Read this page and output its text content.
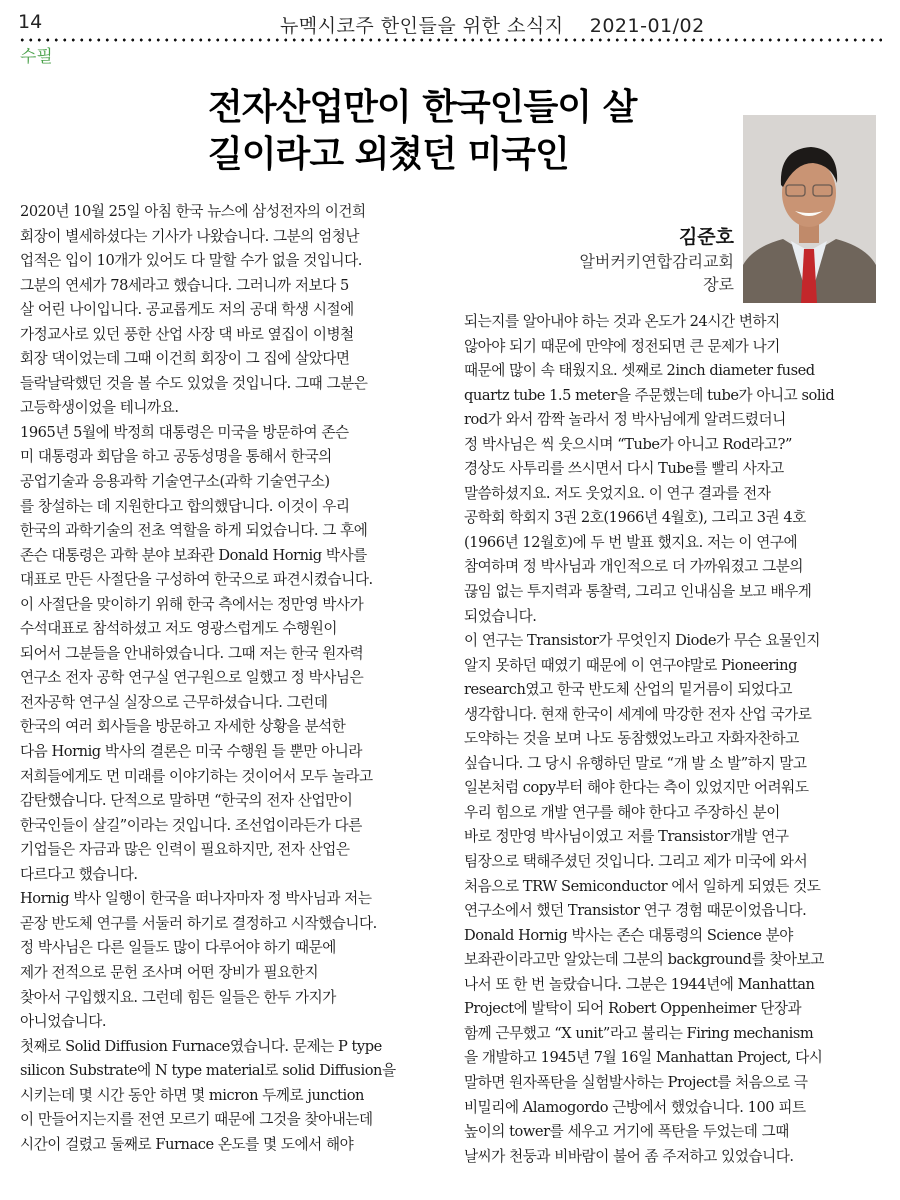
14	뉴멕시코주 한인들을 위한 소식지 2021-01/02
수필
전자산업만이 한국인들이 살
길이라고 외쳤던 미국인
김준호
알버커키연합감리교회
장로
2020년 10월 25일 아침 한국 뉴스에 삼성전자의 이건희
회장이 별세하셨다는 기사가 나왔습니다. 그분의 엄청난
업적은 입이 10개가 있어도 다 말할 수가 없을 것입니다.
그분의 연세가 78세라고 했습니다. 그러니까 저보다 5
살 어린 나이입니다. 공교롭게도 저의 공대 학생 시절에
가정교사로 있던 풍한 산업 사장 댁 바로 옆집이 이병철
회장 댁이었는데 그때 이건희 회장이 그 집에 살았다면
들락날락했던 것을 볼 수도 있었을 것입니다. 그때 그분은
고등학생이었을 테니까요.
1965년 5월에 박정희 대통령은 미국을 방문하여 존슨
미 대통령과 회담을 하고 공동성명을 통해서 한국의
공업기술과 응용과학 기술연구소(과학 기술연구소)
를 창설하는 데 지원한다고 합의했답니다. 이것이 우리
한국의 과학기술의 전초 역할을 하게 되었습니다. 그 후에
존슨 대통령은 과학 분야 보좌관 Donald Hornig 박사를
대표로 만든 사절단을 구성하여 한국으로 파견시켰습니다.
이 사절단을 맞이하기 위해 한국 측에서는 정만영 박사가
수석대표로 참석하셨고 저도 영광스럽게도 수행원이
되어서 그분들을 안내하였습니다. 그때 저는 한국 원자력
연구소 전자 공학 연구실 연구원으로 일했고 정 박사님은
전자공학 연구실 실장으로 근무하셨습니다. 그런데
한국의 여러 회사들을 방문하고 자세한 상황을 분석한
다음 Hornig 박사의 결론은 미국 수행원 들 뿐만 아니라
저희들에게도 먼 미래를 이야기하는 것이어서 모두 놀라고
감탄했습니다. 단적으로 말하면 “한국의 전자 산업만이
한국인들이 살길”이라는 것입니다. 조선업이라든가 다른
기업들은 자금과 많은 인력이 필요하지만, 전자 산업은
다르다고 했습니다.
Hornig 박사 일행이 한국을 떠나자마자 정 박사님과 저는
곧장 반도체 연구를 서둘러 하기로 결정하고 시작했습니다.
정 박사님은 다른 일들도 많이 다루어야 하기 때문에
제가 전적으로 문헌 조사며 어떤 장비가 필요한지
찾아서 구입했지요. 그런데 힘든 일들은 한두 가지가
아니었습니다.
첫째로 Solid Diffusion Furnace였습니다. 문제는 P type
silicon Substrate에 N type material로 solid Diffusion을
시키는데 몇 시간 동안 하면 몇 micron 두께로 junction
이 만들어지는지를 전연 모르기 때문에 그것을 찾아내는데
시간이 걸렸고 둘째로 Furnace 온도를 몇 도에서 해야
되는지를 알아내야 하는 것과 온도가 24시간 변하지
않아야 되기 때문에 만약에 정전되면 큰 문제가 나기
때문에 많이 속 태웠지요. 셋째로 2inch diameter fused
quartz tube 1.5 meter을 주문했는데 tube가 아니고 solid
rod가 와서 깜짝 놀라서 정 박사님에게 알려드렸더니
정 박사님은 씩 웃으시며 “Tube가 아니고 Rod라고?”
경상도 사투리를 쓰시면서 다시 Tube를 빨리 사자고
말씀하셨지요. 저도 웃었지요. 이 연구 결과를 전자
공학회 학회지 3권 2호(1966년 4월호), 그리고 3권 4호
(1966년 12월호)에 두 번 발표 했지요. 저는 이 연구에
참여하며 정 박사님과 개인적으로 더 가까워졌고 그분의
끊임 없는 투지력과 통찰력, 그리고 인내심을 보고 배우게
되었습니다.
이 연구는 Transistor가 무엇인지 Diode가 무슨 요물인지
알지 못하던 때였기 때문에 이 연구야말로 Pioneering
research였고 한국 반도체 산업의 밑거름이 되었다고
생각합니다. 현재 한국이 세계에 막강한 전자 산업 국가로
도약하는 것을 보며 나도 동참했었노라고 자화자찬하고
싶습니다. 그 당시 유행하던 말로 “개 발 소 발”하지 말고
일본처럼 copy부터 해야 한다는 측이 있었지만 어려워도
우리 힘으로 개발 연구를 해야 한다고 주장하신 분이
바로 정만영 박사님이였고 저를 Transistor개발 연구
팀장으로 택해주셨던 것입니다. 그리고 제가 미국에 와서
처음으로 TRW Semiconductor 에서 일하게 되였든 것도
연구소에서 했던 Transistor 연구 경험 때문이었읍니다.
Donald Hornig 박사는 존슨 대통령의 Science 분야
보좌관이라고만 알았는데 그분의 background를 찾아보고
나서 또 한 번 놀랐습니다. 그분은 1944년에 Manhattan
Project에 발탁이 되어 Robert Oppenheimer 단장과
함께 근무했고 “X unit”라고 불리는 Firing mechanism
을 개발하고 1945년 7월 16일 Manhattan Project, 다시
말하면 원자폭탄을 실험발사하는 Project를 처음으로 극
비밀리에 Alamogordo 근방에서 했었습니다. 100 피트
높이의 tower를 세우고 거기에 폭탄을 두었는데 그때
날씨가 천둥과 비바람이 불어 좀 주저하고 있었습니다.
